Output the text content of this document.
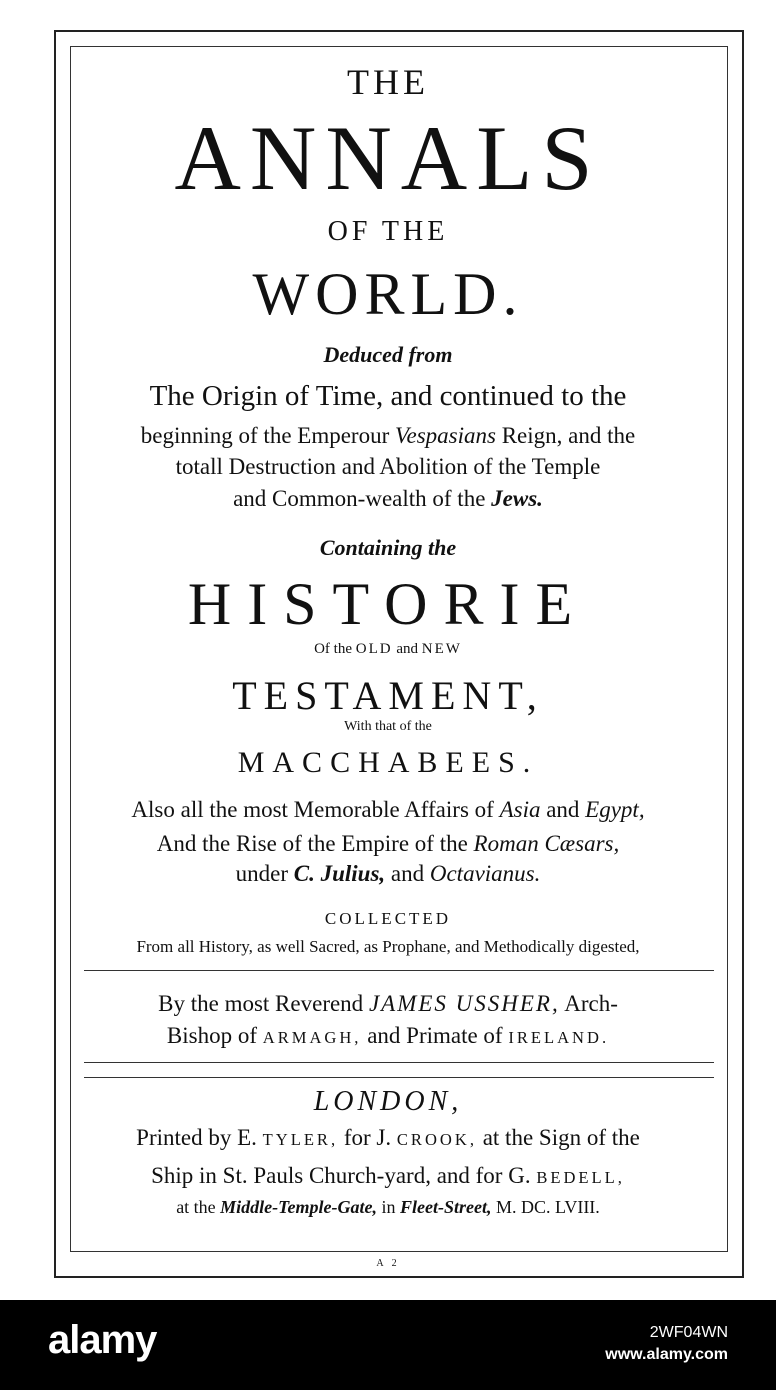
THE
ANNALS
OF THE
WORLD.
Deduced from
The Origin of Time, and continued to the
beginning of the Emperour Vespasians Reign, and the
totall Destruction and Abolition of the Temple
and Common-wealth of the Jews.
Containing the
HISTORIE
Of the OLD and NEW
TESTAMENT,
With that of the
MACCHABEES.
Also all the most Memorable Affairs of Asia and Egypt,
And the Rise of the Empire of the Roman Cæsars,
under C. Julius, and Octavianus.
COLLECTED
From all History, as well Sacred, as Prophane, and Methodically digested,
By the most Reverend JAMES USSHER, Arch-
Bishop of ARMAGH, and Primate of IRELAND.
LONDON,
Printed by E. TYLER, for J. CROOK, at the Sign of the
Ship in St. Pauls Church-yard, and for G. BEDELL,
at the Middle-Temple-Gate, in Fleet-Street, M. DC. LVIII.
A 2
alamy	2WF04WN
www.alamy.com
